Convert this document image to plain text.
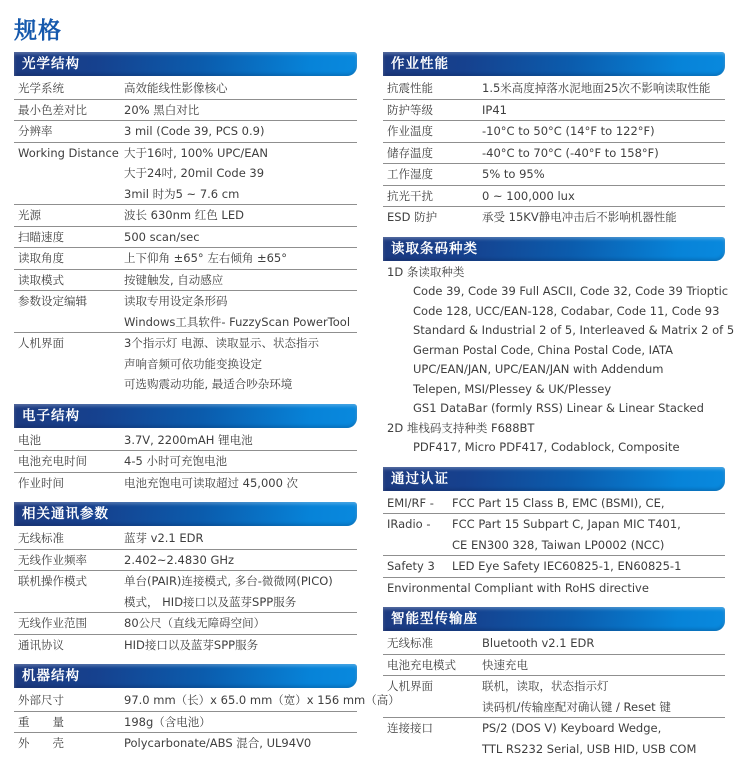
规格
光学结构
光学系统	高效能线性影像核心
最小色差对比	20% 黑白对比
分辨率	3 mil (Code 39, PCS 0.9)
Working Distance 大于16吋, 100% UPC/EAN
大于24吋, 20mil Code 39
3mil 时为5 ~ 7.6 cm
光源	波长 630nm 红色 LED
扫瞄速度	500 scan/sec
读取角度	上下仰角 ±65° 左右倾角 ±65°
读取模式	按键触发, 自动感应
参数设定编辑	读取专用设定条形码
Windows工具软件- FuzzyScan PowerTool
人机界面	3个指示灯 电源、读取显示、状态指示
声响音频可依功能变换设定
可选购震动功能, 最适合吵杂环境
电子结构
电池	3.7V, 2200mAH 锂电池
电池充电时间	4-5 小时可充饱电池
作业时间	电池充饱电可读取超过 45,000 次
相关通讯参数
无线标准	蓝芽 v2.1 EDR
无线作业频率	2.402~2.4830 GHz
联机操作模式	单台(PAIR)连接模式, 多台-微微网(PICO)
模式， HID接口以及蓝芽SPP服务
无线作业范围	80公尺（直线无障碍空间）
通讯协议	HID接口以及蓝芽SPP服务
机器结构
外部尺寸	97.0 mm（长）x 65.0 mm（宽）x 156 mm（高）
重　　量	198g（含电池）
外　　壳	Polycarbonate/ABS 混合, UL94V0
作业性能
抗震性能	1.5米高度掉落水泥地面25次不影响读取性能
防护等级	IP41
作业温度	-10°C to 50°C (14°F to 122°F)
储存温度	-40°C to 70°C (-40°F to 158°F)
工作湿度	5% to 95%
抗光干扰	0 ~ 100,000 lux
ESD 防护	承受 15KV静电冲击后不影响机器性能
读取条码种类
1D 条读取种类
Code 39, Code 39 Full ASCII, Code 32, Code 39 Trioptic
Code 128, UCC/EAN-128, Codabar, Code 11, Code 93
Standard & Industrial 2 of 5, Interleaved & Matrix 2 of 5
German Postal Code, China Postal Code, IATA
UPC/EAN/JAN, UPC/EAN/JAN with Addendum
Telepen, MSI/Plessey & UK/Plessey
GS1 DataBar (formly RSS) Linear & Linear Stacked
2D 堆栈码支持种类 F688BT
PDF417, Micro PDF417, Codablock, Composite
通过认证
EMI/RF -	FCC Part 15 Class B, EMC (BSMI), CE,
IRadio -	FCC Part 15 Subpart C, Japan MIC T401,
CE EN300 328, Taiwan LP0002 (NCC)
Safety 3	LED Eye Safety IEC60825-1, EN60825-1
Environmental Compliant with RoHS directive
智能型传输座
无线标准	Bluetooth v2.1 EDR
电池充电模式	快速充电
人机界面	联机，读取，状态指示灯
读码机/传输座配对确认键 / Reset 键
连接接口	PS/2 (DOS V) Keyboard Wedge,
TTL RS232 Serial, USB HID, USB COM
